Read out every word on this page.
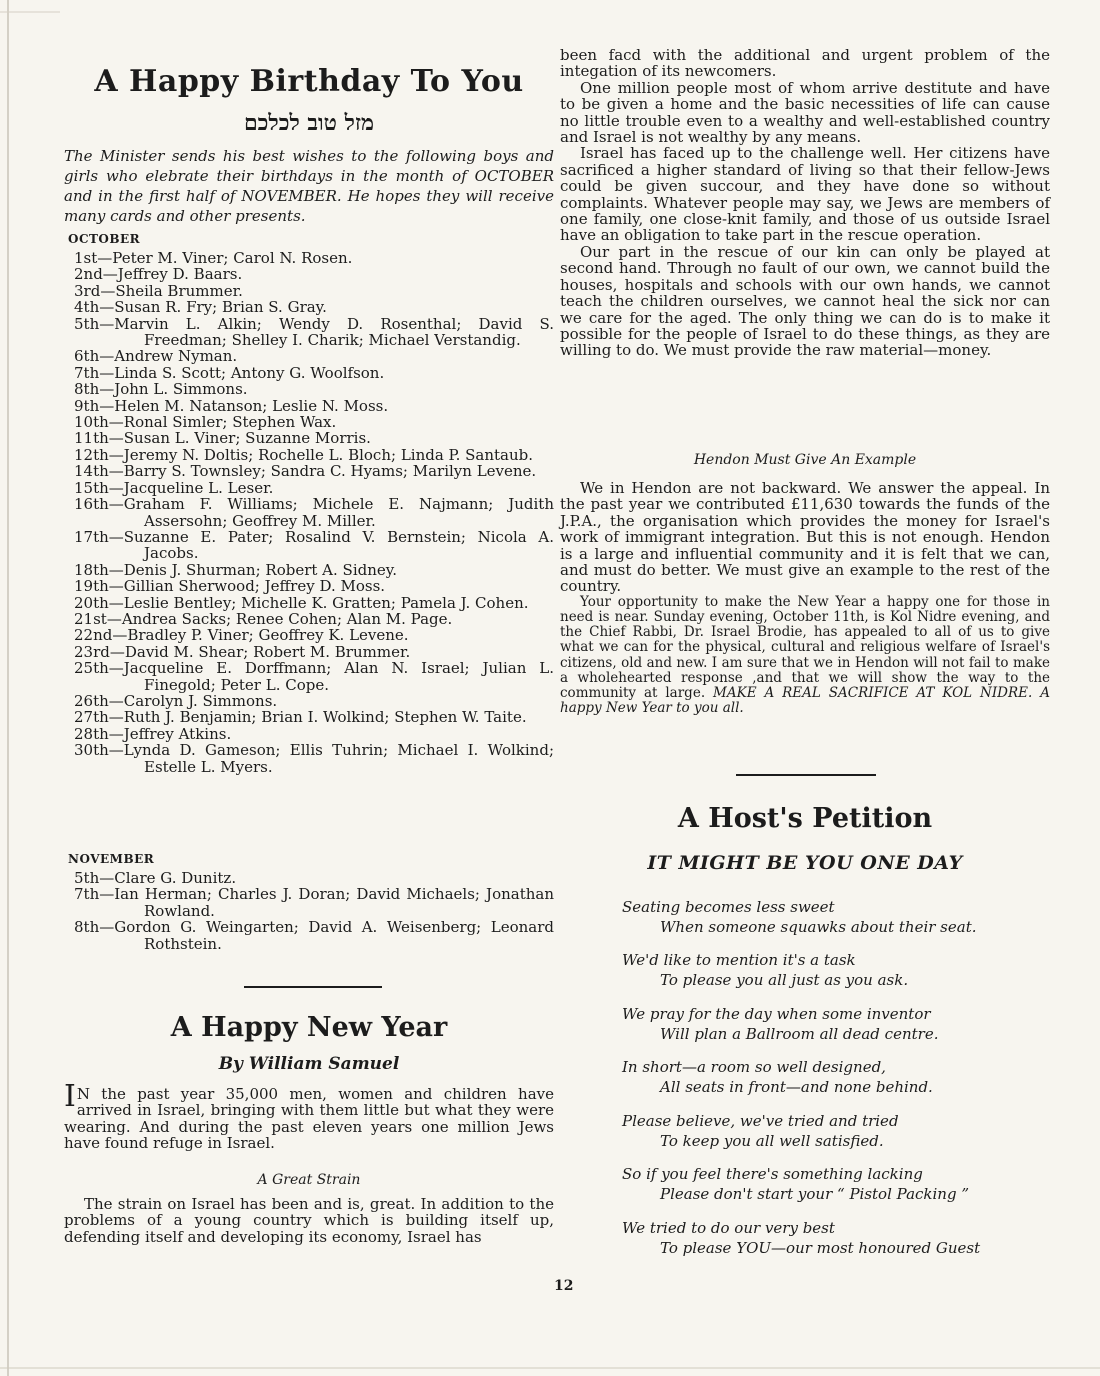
A Happy Birthday To You
מזל טוב לכלכם

The Minister sends his best wishes to the following boys and girls who elebrate their birthdays in the month of OCTOBER and in the first half of NOVEMBER. He hopes they will receive many cards and other presents.

OCTOBER
1st—Peter M. Viner; Carol N. Rosen.
2nd—Jeffrey D. Baars.
3rd—Sheila Brummer.
4th—Susan R. Fry; Brian S. Gray.
5th—Marvin L. Alkin; Wendy D. Rosenthal; David S. Freedman; Shelley I. Charik; Michael Verstandig.
6th—Andrew Nyman.
7th—Linda S. Scott; Antony G. Woolfson.
8th—John L. Simmons.
9th—Helen M. Natanson; Leslie N. Moss.
10th—Ronal Simler; Stephen Wax.
11th—Susan L. Viner; Suzanne Morris.
12th—Jeremy N. Doltis; Rochelle L. Bloch; Linda P. Santaub.
14th—Barry S. Townsley; Sandra C. Hyams; Marilyn Levene.
15th—Jacqueline L. Leser.
16th—Graham F. Williams; Michele E. Najmann; Judith Assersohn; Geoffrey M. Miller.
17th—Suzanne E. Pater; Rosalind V. Bernstein; Nicola A. Jacobs.
18th—Denis J. Shurman; Robert A. Sidney.
19th—Gillian Sherwood; Jeffrey D. Moss.
20th—Leslie Bentley; Michelle K. Gratten; Pamela J. Cohen.
21st—Andrea Sacks; Renee Cohen; Alan M. Page.
22nd—Bradley P. Viner; Geoffrey K. Levene.
23rd—David M. Shear; Robert M. Brummer.
25th—Jacqueline E. Dorffmann; Alan N. Israel; Julian L. Finegold; Peter L. Cope.
26th—Carolyn J. Simmons.
27th—Ruth J. Benjamin; Brian I. Wolkind; Stephen W. Taite.
28th—Jeffrey Atkins.
30th—Lynda D. Gameson; Ellis Tuhrin; Michael I. Wolkind; Estelle L. Myers.
NOVEMBER
5th—Clare G. Dunitz.
7th—Ian Herman; Charles J. Doran; David Michaels; Jonathan Rowland.
8th—Gordon G. Weingarten; David A. Weisenberg; Leonard Rothstein.
A Happy New Year
By William Samuel

I N the past year 35,000 men, women and children have arrived in Israel, bringing with them little but what they were wearing. And during the past eleven years one million Jews have found refuge in Israel.

A Great Strain

The strain on Israel has been and is, great. In addition to the problems of a young country which is building itself up, defending itself and developing its economy, Israel has

been facd with the additional and urgent problem of the integation of its newcomers.

One million people most of whom arrive destitute and have to be given a home and the basic necessities of life can cause no little trouble even to a wealthy and well-established country and Israel is not wealthy by any means.

Israel has faced up to the challenge well. Her citizens have sacrificed a higher standard of living so that their fellow-Jews could be given succour, and they have done so without complaints. Whatever people may say, we Jews are members of one family, one close-knit family, and those of us outside Israel have an obligation to take part in the rescue operation.

Our part in the rescue of our kin can only be played at second hand. Through no fault of our own, we cannot build the houses, hospitals and schools with our own hands, we cannot teach the children ourselves, we cannot heal the sick nor can we care for the aged. The only thing we can do is to make it possible for the people of Israel to do these things, as they are willing to do. We must provide the raw material—money.

Hendon Must Give An Example

We in Hendon are not backward. We answer the appeal. In the past year we contributed £11,630 towards the funds of the J.P.A., the organisation which provides the money for Israel's work of immigrant integration. But this is not enough. Hendon is a large and influential community and it is felt that we can, and must do better. We must give an example to the rest of the country.

Your opportunity to make the New Year a happy one for those in need is near. Sunday evening, October 11th, is Kol Nidre evening, and the Chief Rabbi, Dr. Israel Brodie, has appealed to all of us to give what we can for the physical, cultural and religious welfare of Israel's citizens, old and new. I am sure that we in Hendon will not fail to make a wholehearted response ,and that we will show the way to the community at large. MAKE A REAL SACRIFICE AT KOL NIDRE. A happy New Year to you all.

A Host's Petition
IT MIGHT BE YOU ONE DAY
Seating becomes less sweet
When someone squawks about their seat.
We'd like to mention it's a task
To please you all just as you ask.
We pray for the day when some inventor
Will plan a Ballroom all dead centre.
In short—a room so well designed,
All seats in front—and none behind.
Please believe, we've tried and tried
To keep you all well satisfied.
So if you feel there's something lacking
Please don't start your “ Pistol Packing ”
We tried to do our very best
To please YOU—our most honoured Guest
12
